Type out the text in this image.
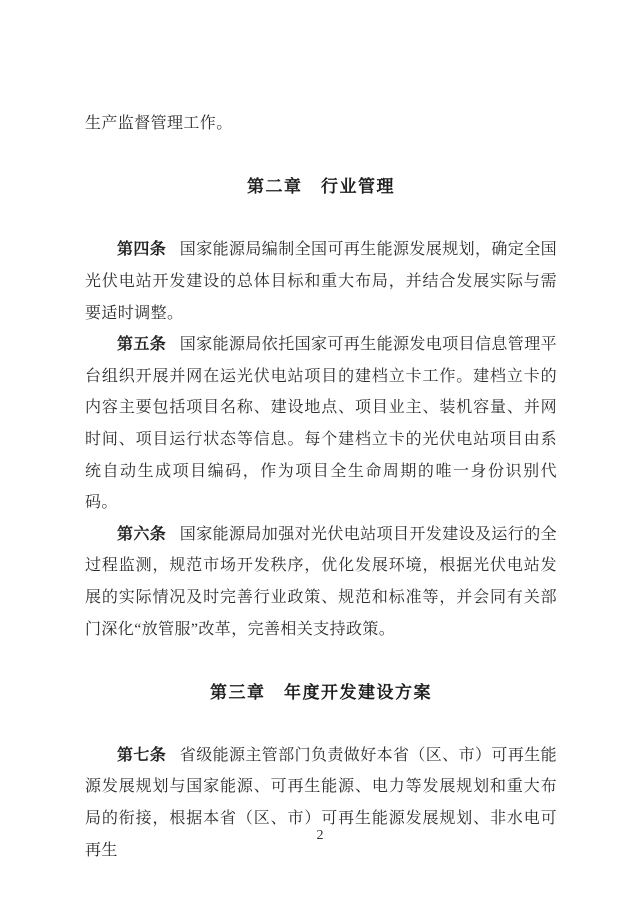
生产监督管理工作。

第二章　行业管理

第四条 国家能源局编制全国可再生能源发展规划，确定全国光伏电站开发建设的总体目标和重大布局，并结合发展实际与需要适时调整。

第五条 国家能源局依托国家可再生能源发电项目信息管理平台组织开展并网在运光伏电站项目的建档立卡工作。建档立卡的内容主要包括项目名称、建设地点、项目业主、装机容量、并网时间、项目运行状态等信息。每个建档立卡的光伏电站项目由系统自动生成项目编码，作为项目全生命周期的唯一身份识别代码。

第六条 国家能源局加强对光伏电站项目开发建设及运行的全过程监测，规范市场开发秩序，优化发展环境，根据光伏电站发展的实际情况及时完善行业政策、规范和标准等，并会同有关部门深化“放管服”改革，完善相关支持政策。

第三章　年度开发建设方案

第七条 省级能源主管部门负责做好本省（区、市）可再生能源发展规划与国家能源、可再生能源、电力等发展规划和重大布局的衔接，根据本省（区、市）可再生能源发展规划、非水电可再生

2
